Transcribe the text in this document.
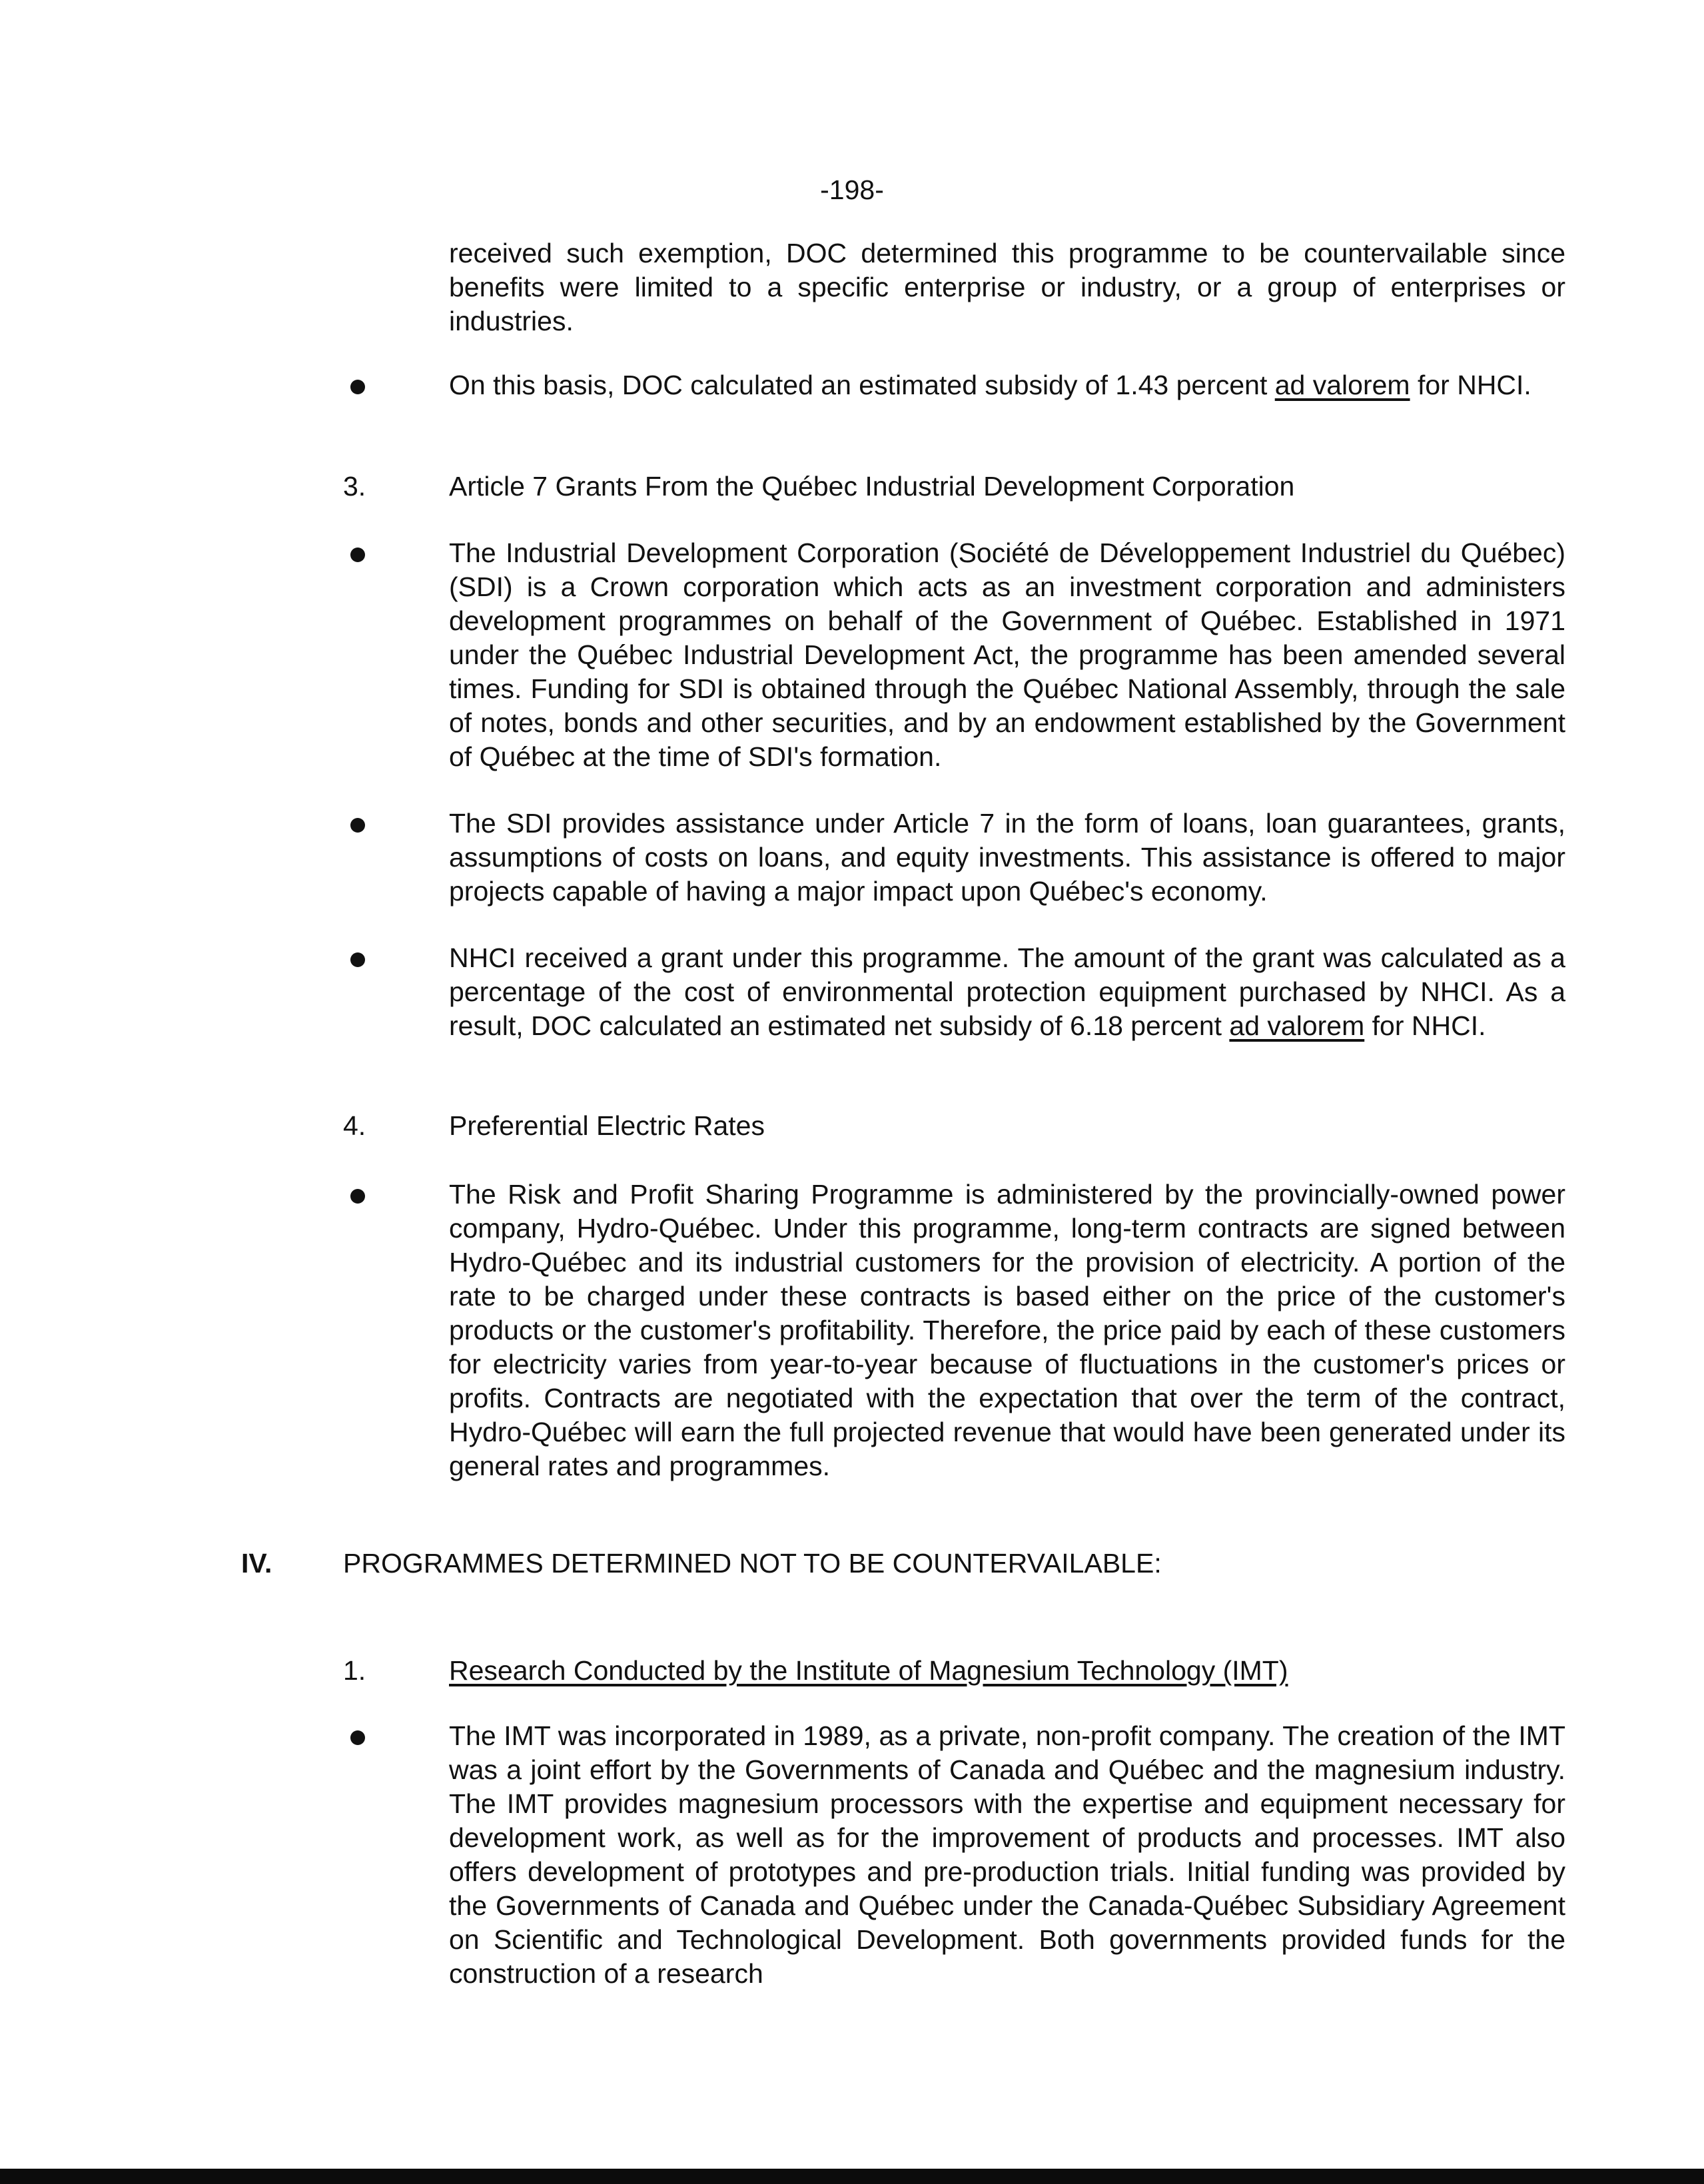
-198-

received such exemption, DOC determined this programme to be countervailable since benefits were limited to a specific enterprise or industry, or a group of enterprises or industries.

On this basis, DOC calculated an estimated subsidy of 1.43 percent ad valorem for NHCI.

3.	Article 7 Grants From the Québec Industrial Development Corporation

The Industrial Development Corporation (Société de Développement Industriel du Québec) (SDI) is a Crown corporation which acts as an investment corporation and administers development programmes on behalf of the Government of Québec. Established in 1971 under the Québec Industrial Development Act, the programme has been amended several times. Funding for SDI is obtained through the Québec National Assembly, through the sale of notes, bonds and other securities, and by an endowment established by the Government of Québec at the time of SDI's formation.

The SDI provides assistance under Article 7 in the form of loans, loan guarantees, grants, assumptions of costs on loans, and equity investments. This assistance is offered to major projects capable of having a major impact upon Québec's economy.

NHCI received a grant under this programme. The amount of the grant was calculated as a percentage of the cost of environmental protection equipment purchased by NHCI. As a result, DOC calculated an estimated net subsidy of 6.18 percent ad valorem for NHCI.

4.	Preferential Electric Rates

The Risk and Profit Sharing Programme is administered by the provincially-owned power company, Hydro-Québec. Under this programme, long-term contracts are signed between Hydro-Québec and its industrial customers for the provision of electricity. A portion of the rate to be charged under these contracts is based either on the price of the customer's products or the customer's profitability. Therefore, the price paid by each of these customers for electricity varies from year-to-year because of fluctuations in the customer's prices or profits. Contracts are negotiated with the expectation that over the term of the contract, Hydro-Québec will earn the full projected revenue that would have been generated under its general rates and programmes.

IV.	PROGRAMMES DETERMINED NOT TO BE COUNTERVAILABLE:
1.	Research Conducted by the Institute of Magnesium Technology (IMT)

The IMT was incorporated in 1989, as a private, non-profit company. The creation of the IMT was a joint effort by the Governments of Canada and Québec and the magnesium industry. The IMT provides magnesium processors with the expertise and equipment necessary for development work, as well as for the improvement of products and processes. IMT also offers development of prototypes and pre-production trials. Initial funding was provided by the Governments of Canada and Québec under the Canada-Québec Subsidiary Agreement on Scientific and Technological Development. Both governments provided funds for the construction of a research
